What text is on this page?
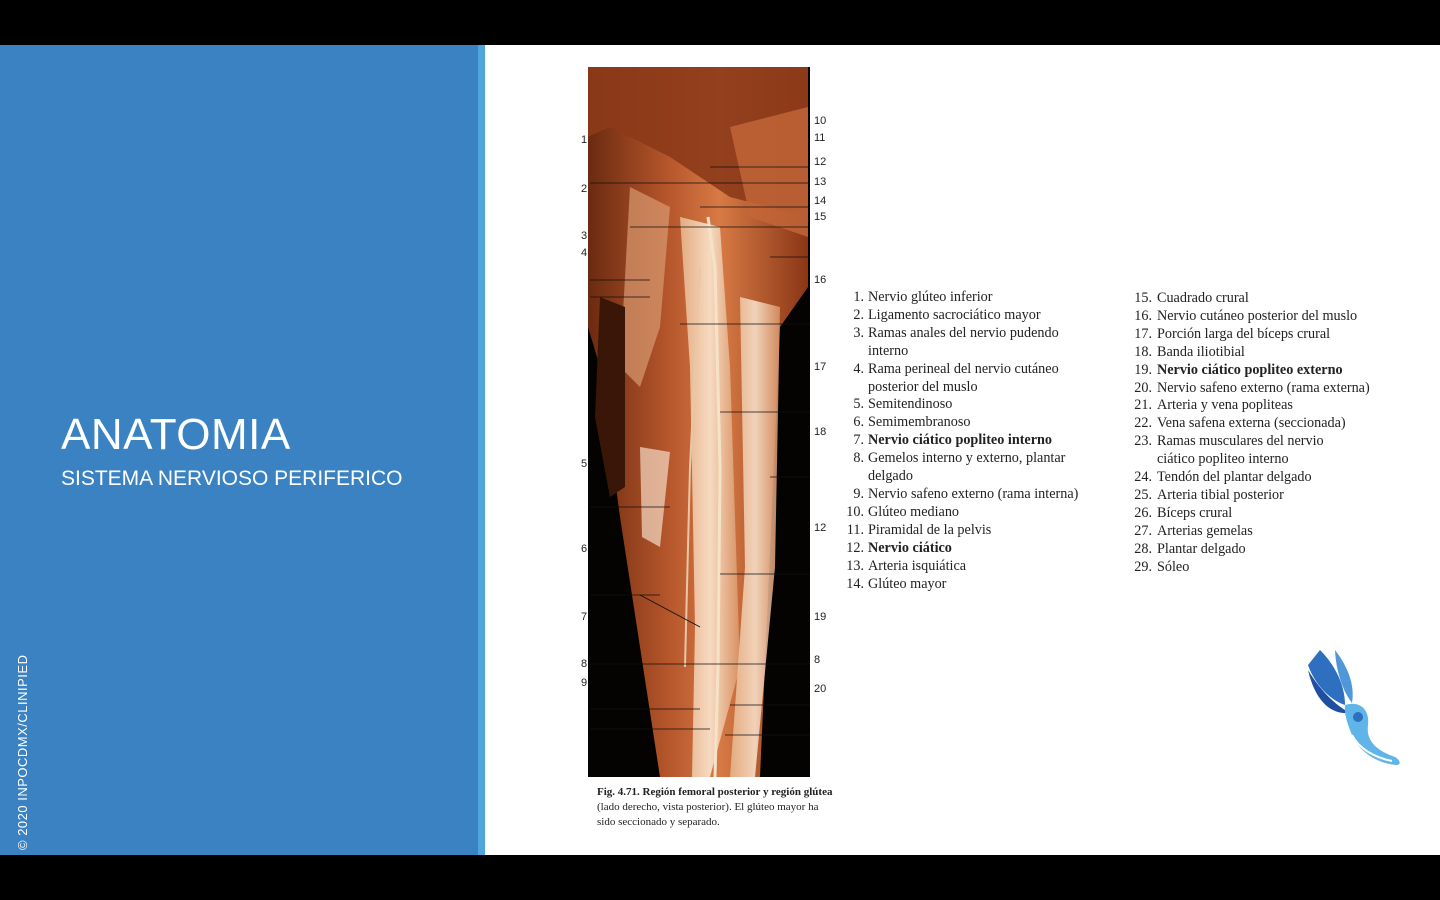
ANATOMIA
SISTEMA NERVIOSO PERIFERICO
© 2020 INPOCDMX/CLINIPIED
1
2
3
4
5
6
7
8
9
10
11
12
13
14
15
16
17
18
12
19
8
20
Fig. 4.71. Región femoral posterior y región glútea (lado derecho, vista posterior). El glúteo mayor ha sido seccionado y separado.
1. Nervio glúteo inferior
2. Ligamento sacrociático mayor
3. Ramas anales del nervio pudendo
interno
4. Rama perineal del nervio cutáneo
posterior del muslo
5. Semitendinoso
6. Semimembranoso
7. Nervio ciático popliteo interno
8. Gemelos interno y externo, plantar
delgado
9. Nervio safeno externo (rama interna)
10. Glúteo mediano
11. Piramidal de la pelvis
12. Nervio ciático
13. Arteria isquiática
14. Glúteo mayor
15. Cuadrado crural
16. Nervio cutáneo posterior del muslo
17. Porción larga del bíceps crural
18. Banda iliotibial
19. Nervio ciático popliteo externo
20. Nervio safeno externo (rama externa)
21. Arteria y vena popliteas
22. Vena safena externa (seccionada)
23. Ramas musculares del nervio
ciático popliteo interno
24. Tendón del plantar delgado
25. Arteria tibial posterior
26. Bíceps crural
27. Arterias gemelas
28. Plantar delgado
29. Sóleo
